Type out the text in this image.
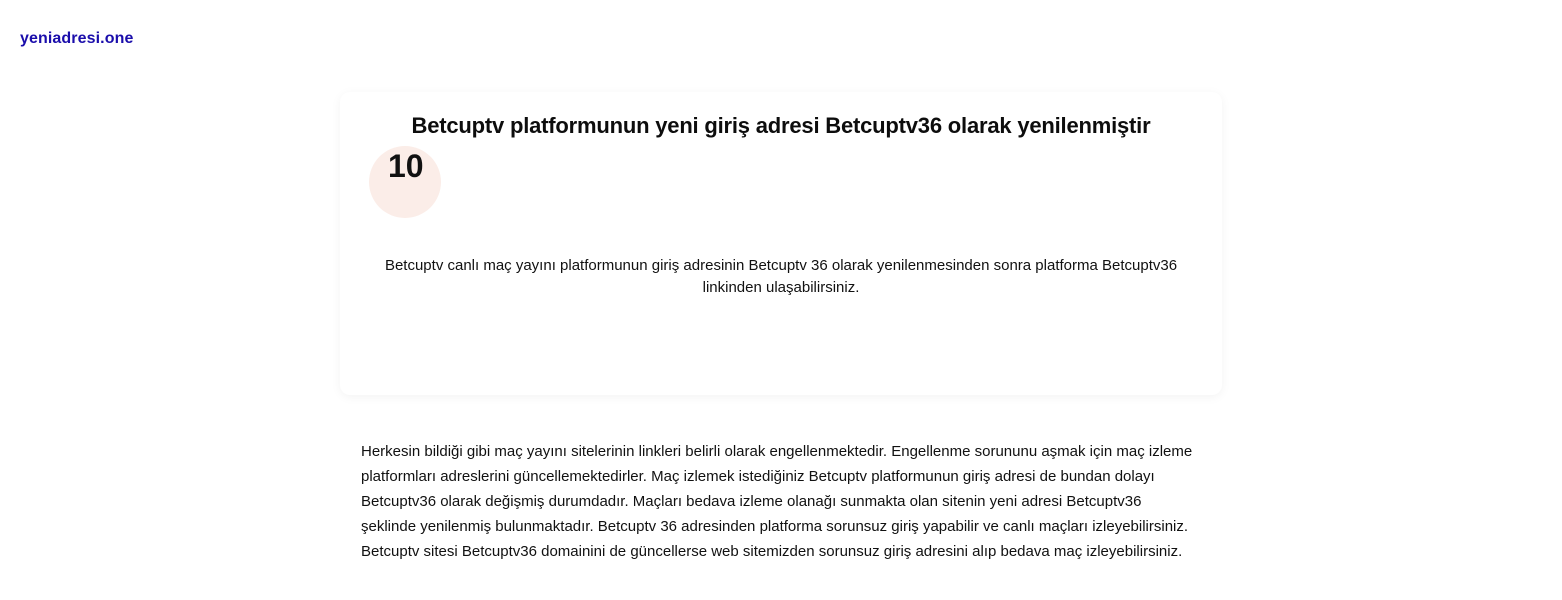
yeniadresi.one
Betcuptv platformunun yeni giriş adresi Betcuptv36 olarak yenilenmiştir
10

Betcuptv canlı maç yayını platformunun giriş adresinin Betcuptv 36 olarak yenilenmesinden sonra platforma Betcuptv36 linkinden ulaşabilirsiniz.

Herkesin bildiği gibi maç yayını sitelerinin linkleri belirli olarak engellenmektedir. Engellenme sorununu aşmak için maç izleme platformları adreslerini güncellemektedirler. Maç izlemek istediğiniz Betcuptv platformunun giriş adresi de bundan dolayı Betcuptv36 olarak değişmiş durumdadır. Maçları bedava izleme olanağı sunmakta olan sitenin yeni adresi Betcuptv36 şeklinde yenilenmiş bulunmaktadır. Betcuptv 36 adresinden platforma sorunsuz giriş yapabilir ve canlı maçları izleyebilirsiniz. Betcuptv sitesi Betcuptv36 domainini de güncellerse web sitemizden sorunsuz giriş adresini alıp bedava maç izleyebilirsiniz.
